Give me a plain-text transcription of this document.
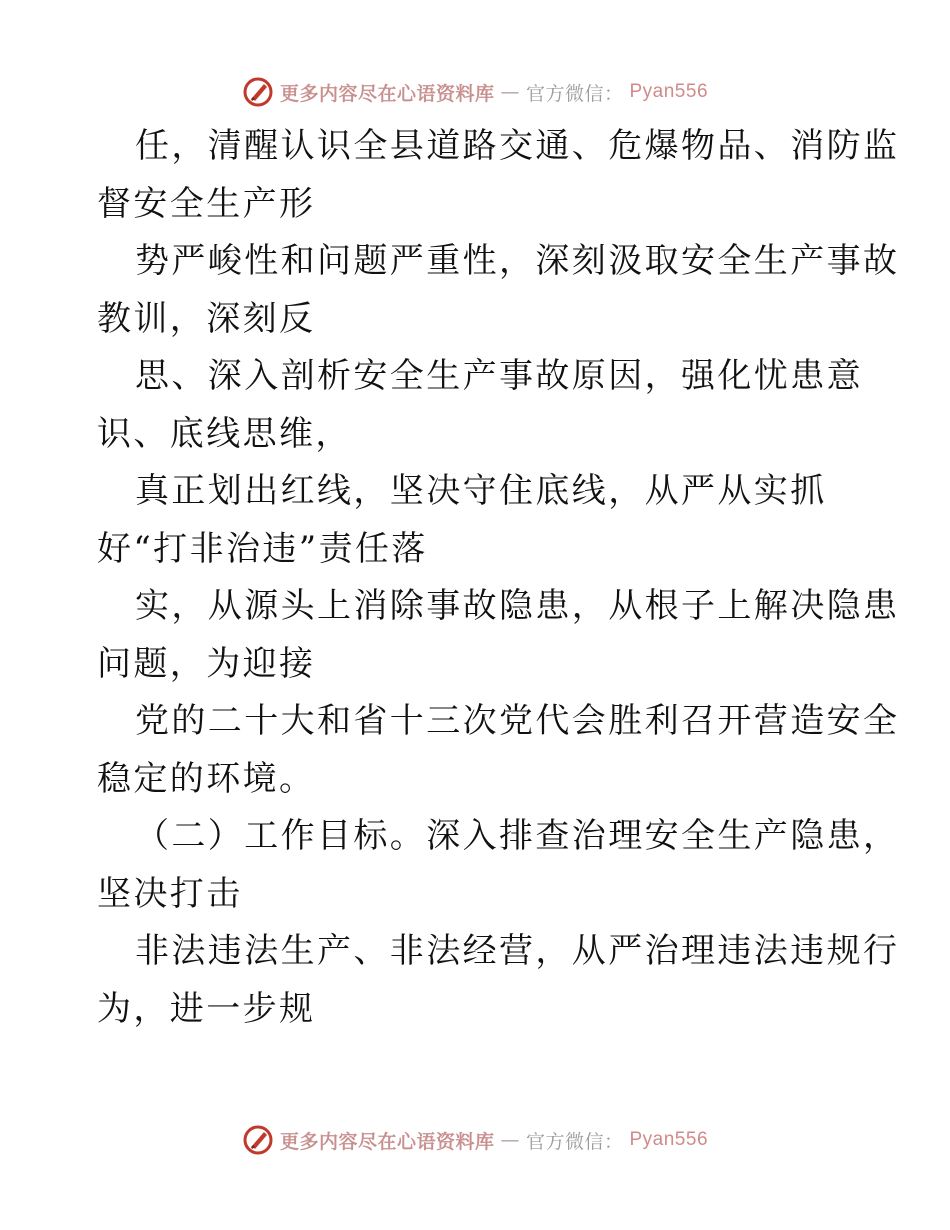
更多内容尽在心语资料库 — 官方微信： Pyan556

任，清醒认识全县道路交通、危爆物品、消防监
督安全生产形

势严峻性和问题严重性，深刻汲取安全生产事故
教训，深刻反

思、深入剖析安全生产事故原因，强化忧患意
识、底线思维，

真正划出红线，坚决守住底线，从严从实抓
好“打非治违”责任落

实，从源头上消除事故隐患，从根子上解决隐患
问题，为迎接

党的二十大和省十三次党代会胜利召开营造安全
稳定的环境。

（二）工作目标。深入排查治理安全生产隐患，
坚决打击

非法违法生产、非法经营，从严治理违法违规行
为，进一步规

更多内容尽在心语资料库 — 官方微信： Pyan556
